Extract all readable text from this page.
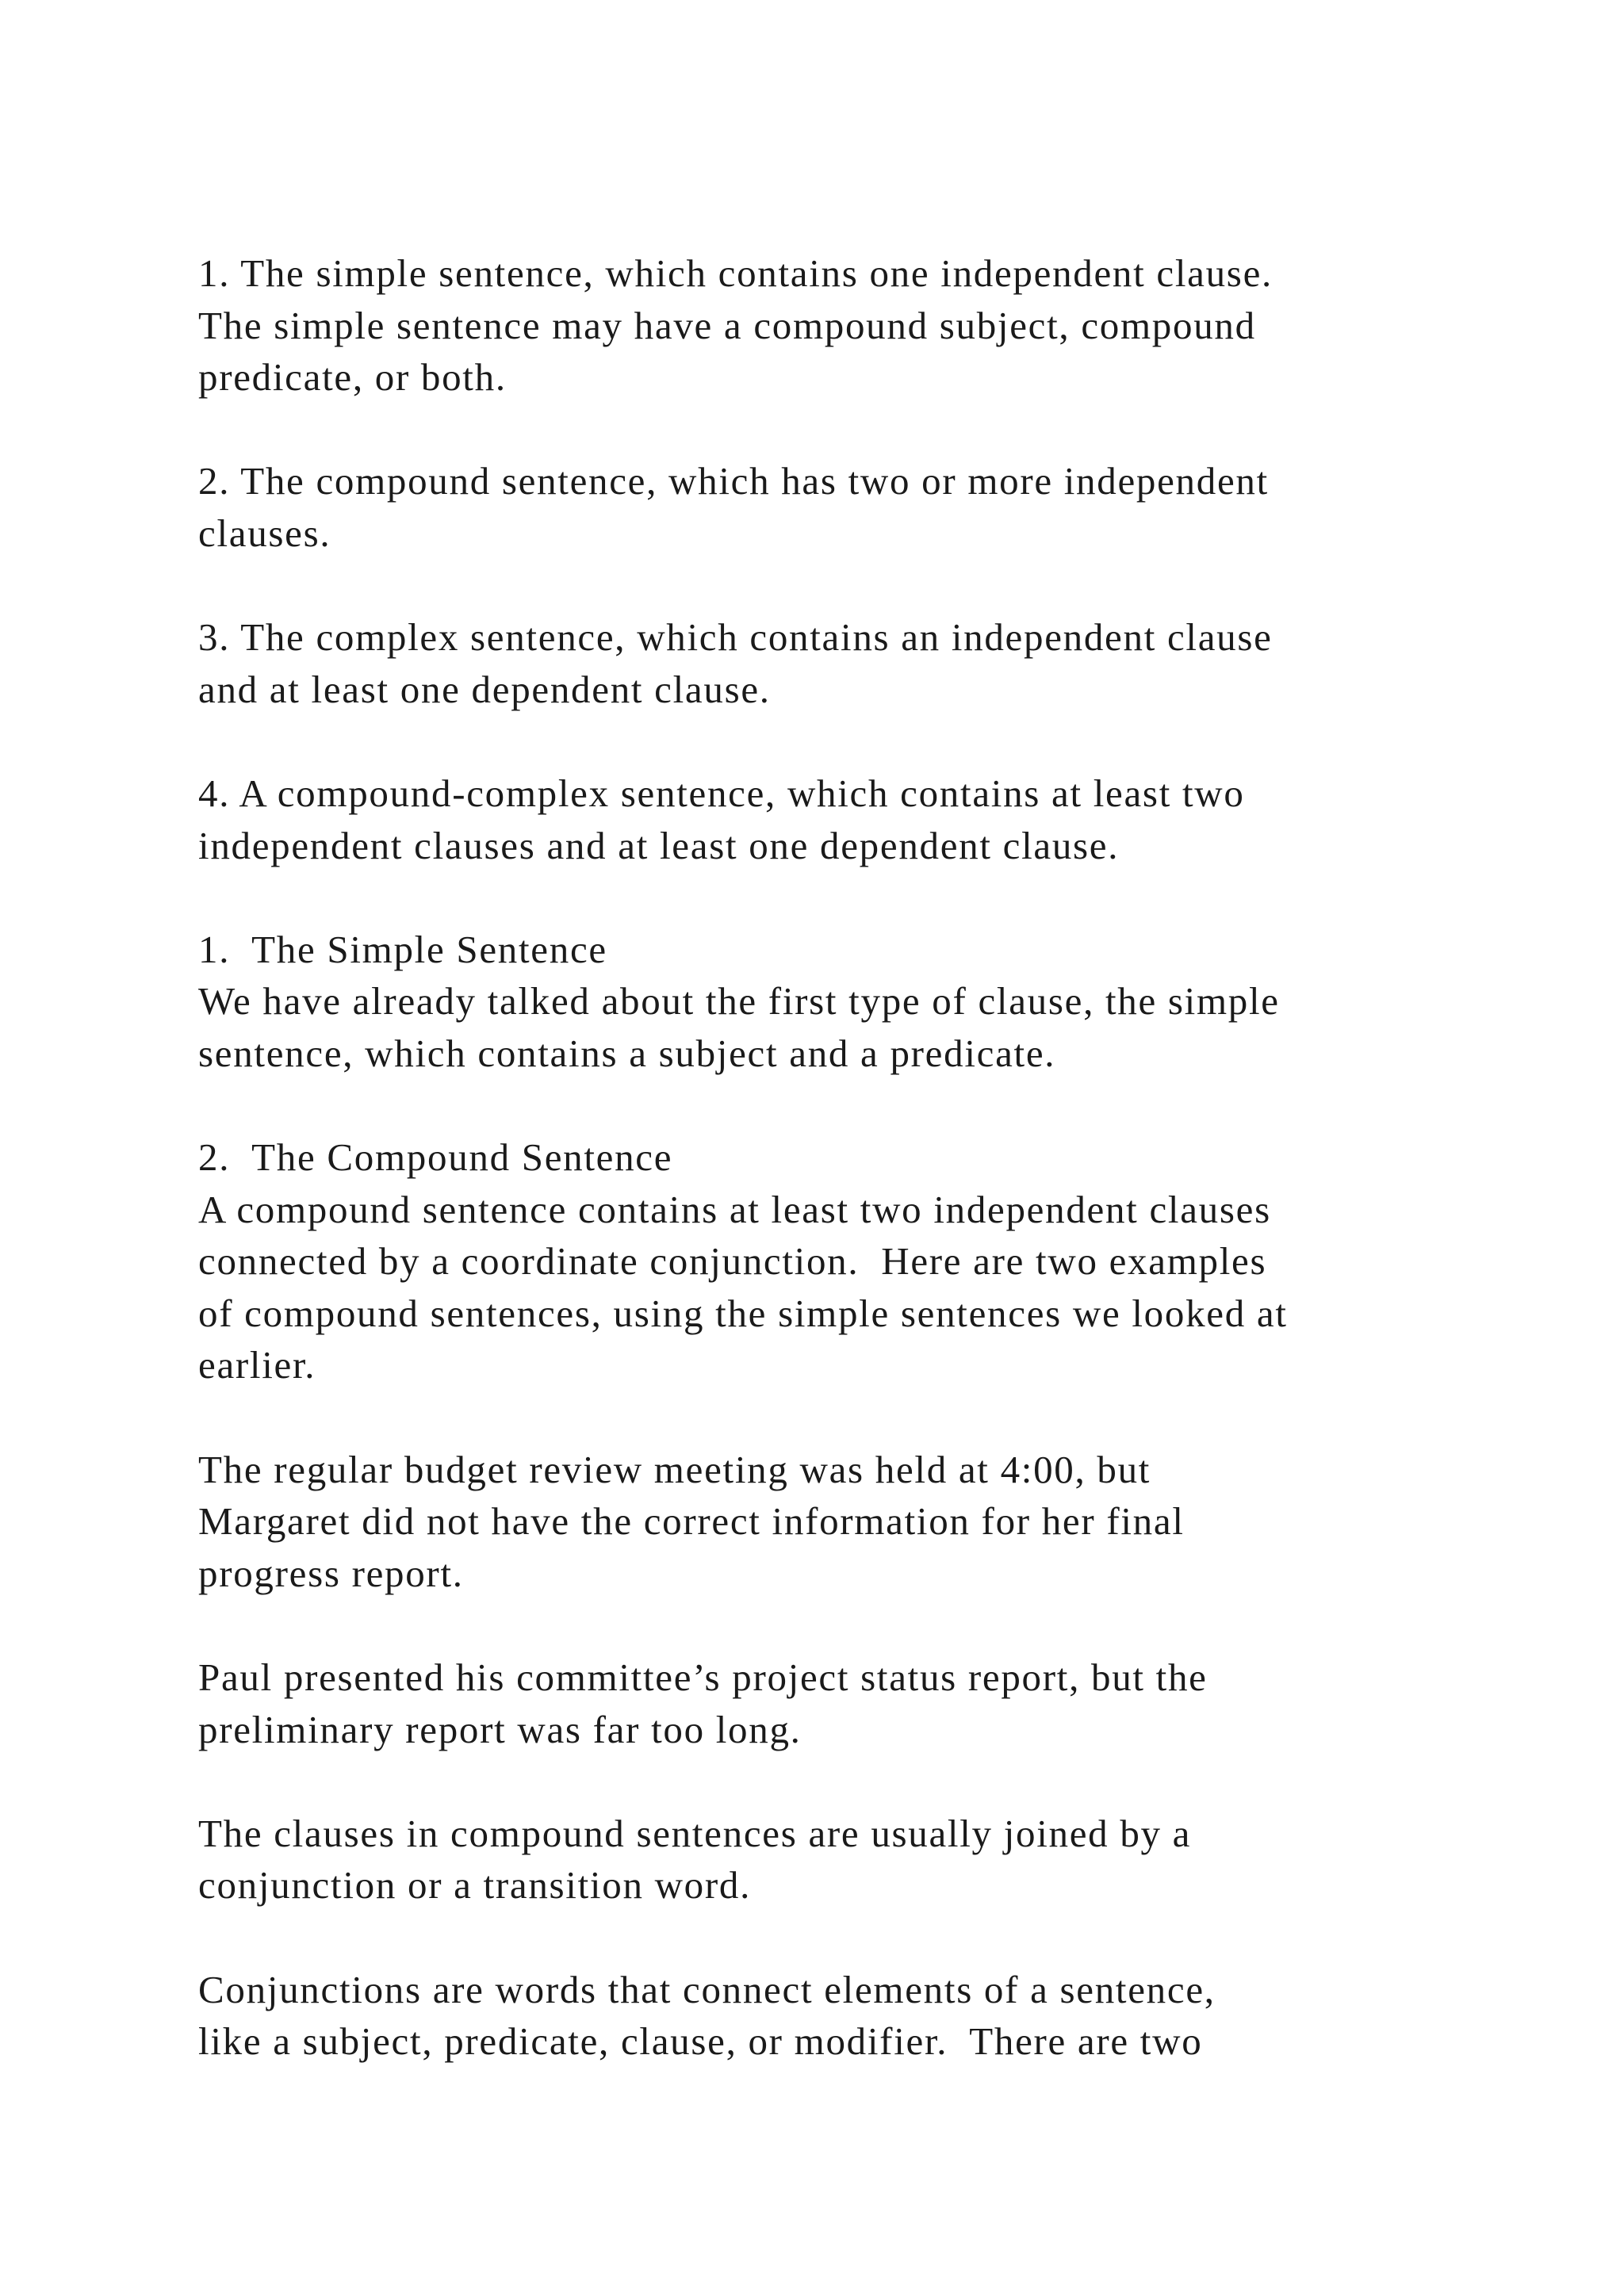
1. The simple sentence, which contains one independent clause.
The simple sentence may have a compound subject, compound
predicate, or both.
2. The compound sentence, which has two or more independent
clauses.
3. The complex sentence, which contains an independent clause
and at least one dependent clause.
4. A compound-complex sentence, which contains at least two
independent clauses and at least one dependent clause.
1.  The Simple Sentence
We have already talked about the first type of clause, the simple
sentence, which contains a subject and a predicate.
2.  The Compound Sentence
A compound sentence contains at least two independent clauses
connected by a coordinate conjunction.  Here are two examples
of compound sentences, using the simple sentences we looked at
earlier.
The regular budget review meeting was held at 4:00, but
Margaret did not have the correct information for her final
progress report.
Paul presented his committee’s project status report, but the
preliminary report was far too long.
The clauses in compound sentences are usually joined by a
conjunction or a transition word.
Conjunctions are words that connect elements of a sentence,
like a subject, predicate, clause, or modifier.  There are two
